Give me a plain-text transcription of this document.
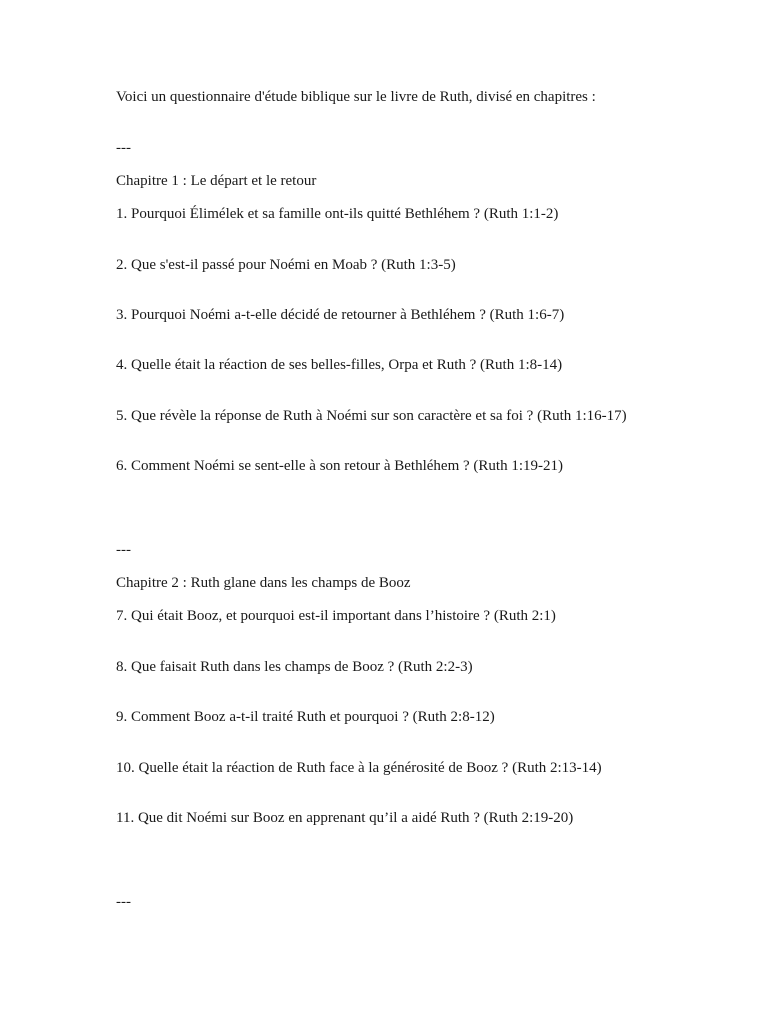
Voici un questionnaire d'étude biblique sur le livre de Ruth, divisé en chapitres :
---
Chapitre 1 : Le départ et le retour
1. Pourquoi Élimélek et sa famille ont-ils quitté Bethléhem ? (Ruth 1:1-2)
2. Que s'est-il passé pour Noémi en Moab ? (Ruth 1:3-5)
3. Pourquoi Noémi a-t-elle décidé de retourner à Bethléhem ? (Ruth 1:6-7)
4. Quelle était la réaction de ses belles-filles, Orpa et Ruth ? (Ruth 1:8-14)
5. Que révèle la réponse de Ruth à Noémi sur son caractère et sa foi ? (Ruth 1:16-17)
6. Comment Noémi se sent-elle à son retour à Bethléhem ? (Ruth 1:19-21)
---
Chapitre 2 : Ruth glane dans les champs de Booz
7. Qui était Booz, et pourquoi est-il important dans l’histoire ? (Ruth 2:1)
8. Que faisait Ruth dans les champs de Booz ? (Ruth 2:2-3)
9. Comment Booz a-t-il traité Ruth et pourquoi ? (Ruth 2:8-12)
10. Quelle était la réaction de Ruth face à la générosité de Booz ? (Ruth 2:13-14)
11. Que dit Noémi sur Booz en apprenant qu’il a aidé Ruth ? (Ruth 2:19-20)
---
